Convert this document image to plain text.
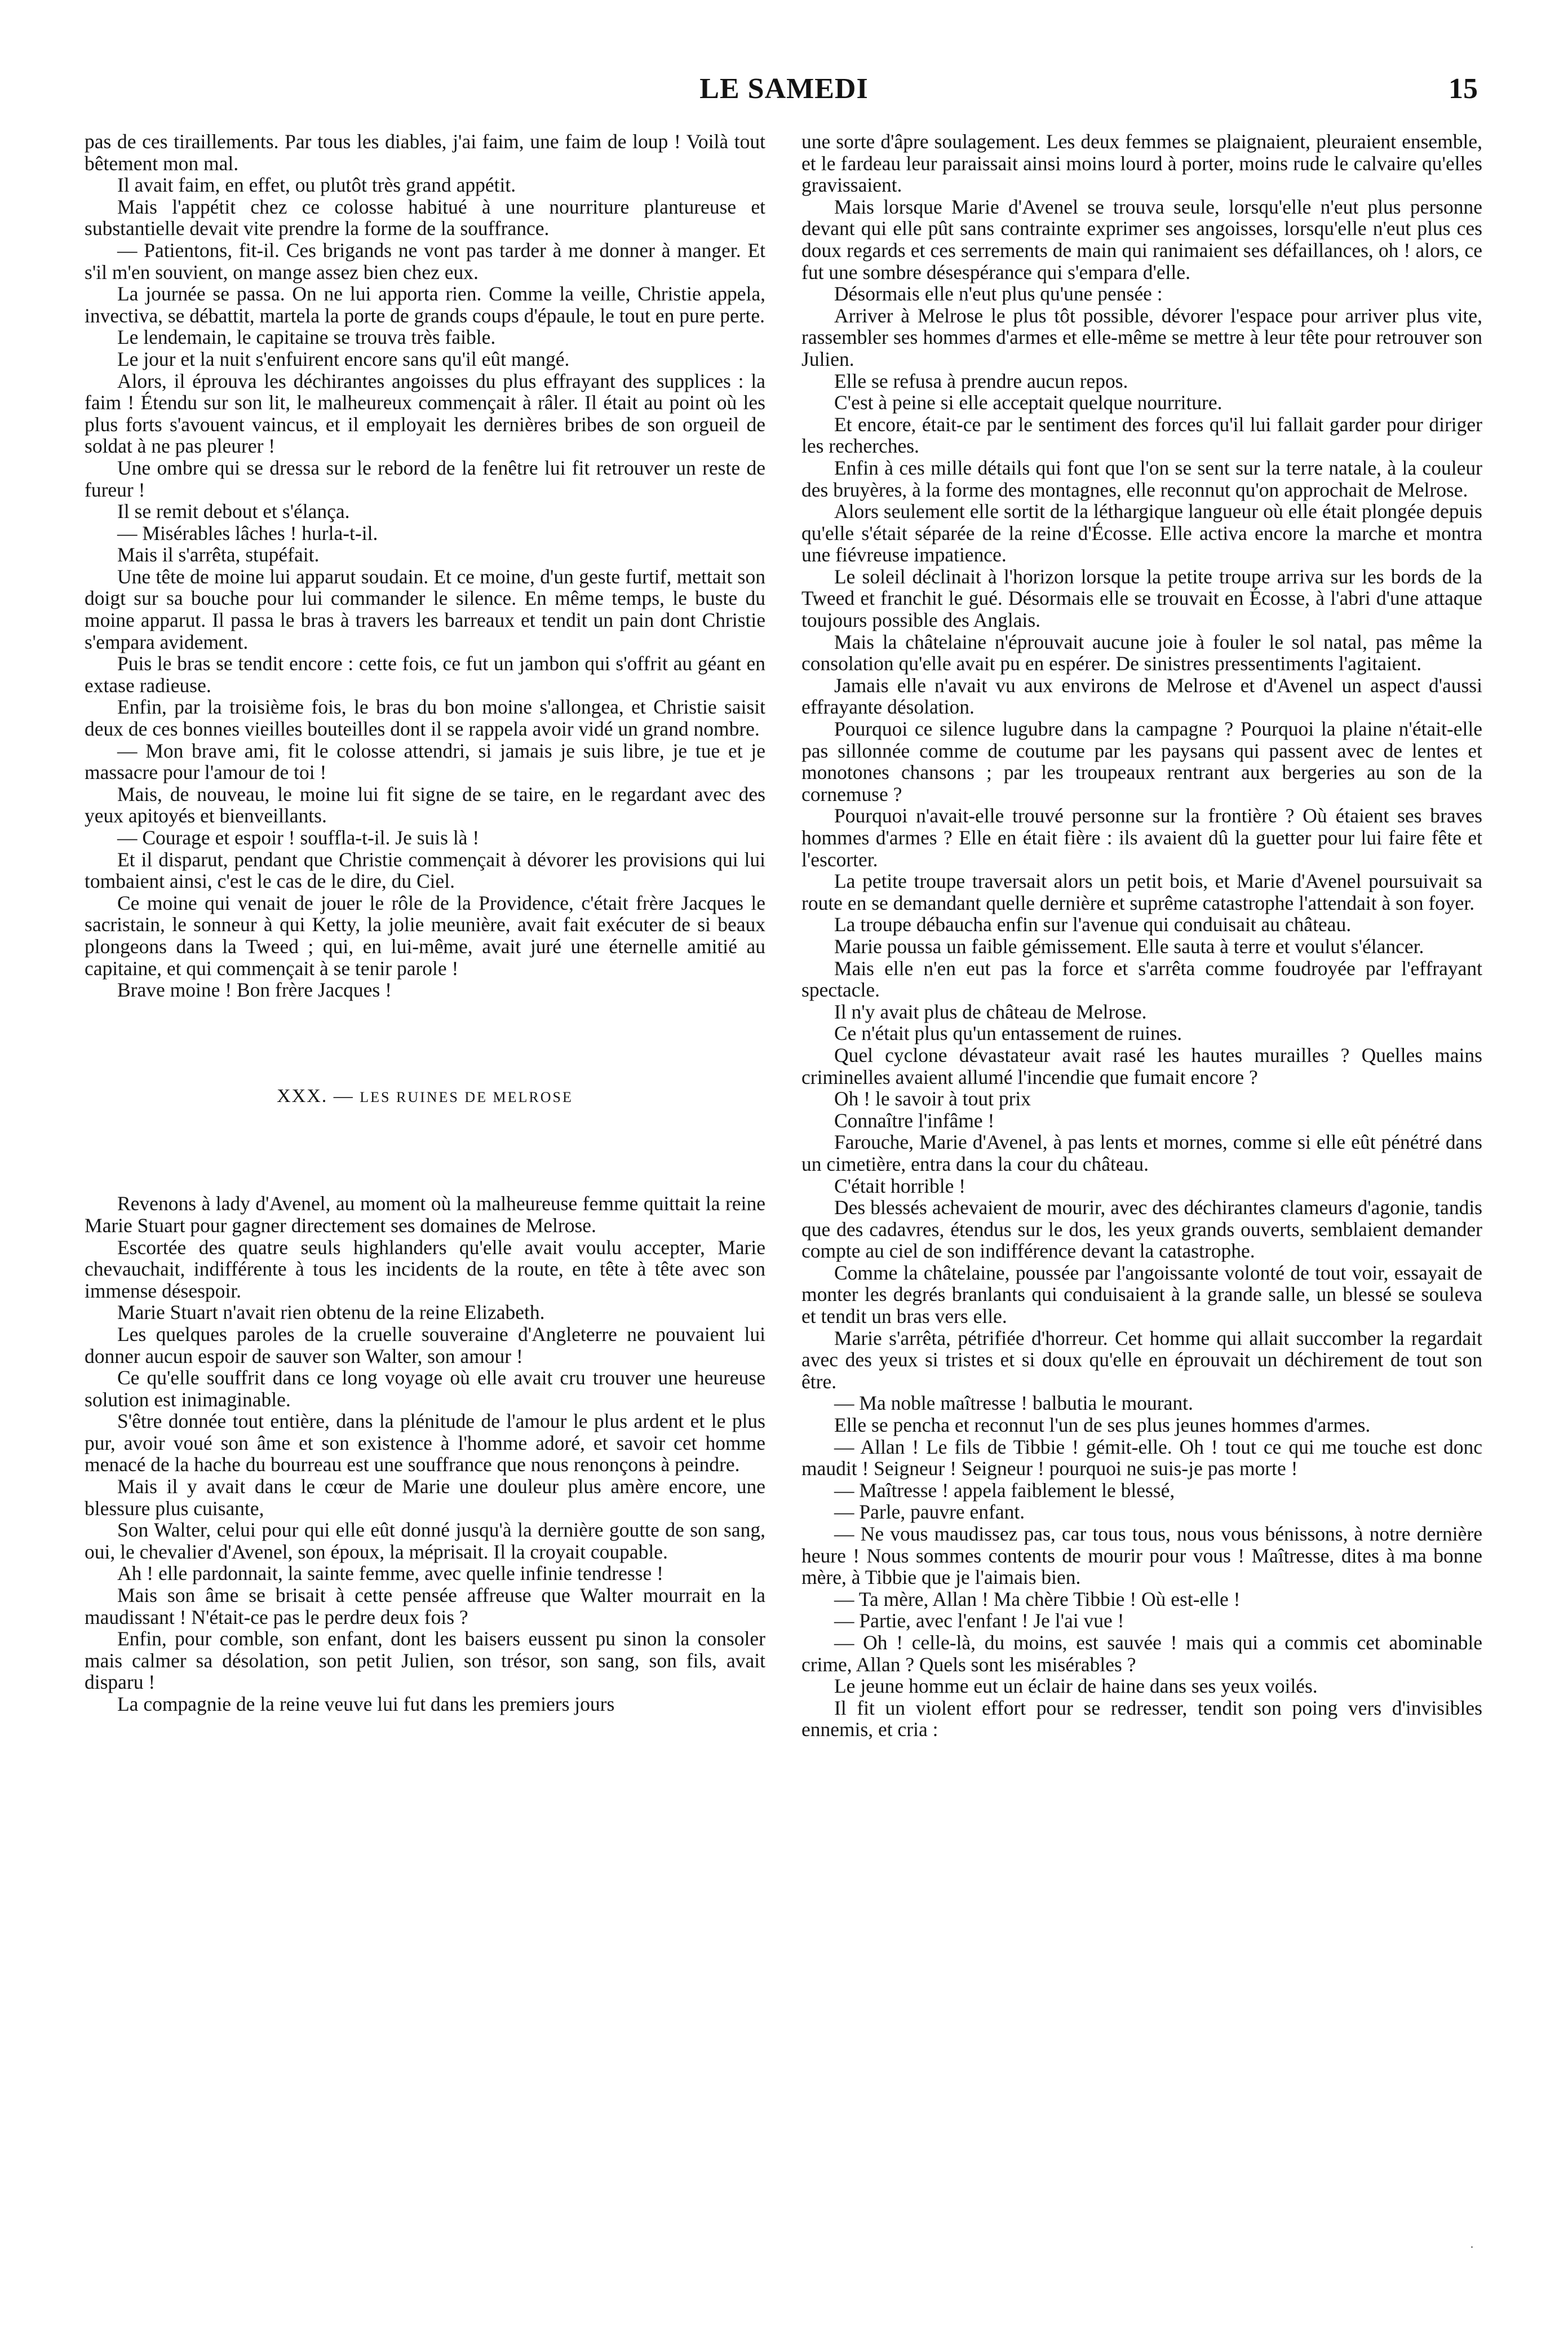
LE SAMEDI	15

pas de ces tiraillements. Par tous les diables, j'ai faim, une faim de loup ! Voilà tout bêtement mon mal.

Il avait faim, en effet, ou plutôt très grand appétit.

Mais l'appétit chez ce colosse habitué à une nourriture plantureuse et substantielle devait vite prendre la forme de la souffrance.

— Patientons, fit-il. Ces brigands ne vont pas tarder à me donner à manger. Et s'il m'en souvient, on mange assez bien chez eux.

La journée se passa. On ne lui apporta rien. Comme la veille, Christie appela, invectiva, se débattit, martela la porte de grands coups d'épaule, le tout en pure perte.

Le lendemain, le capitaine se trouva très faible.

Le jour et la nuit s'enfuirent encore sans qu'il eût mangé.

Alors, il éprouva les déchirantes angoisses du plus effrayant des supplices : la faim ! Étendu sur son lit, le malheureux commençait à râler. Il était au point où les plus forts s'avouent vaincus, et il employait les dernières bribes de son orgueil de soldat à ne pas pleurer !

Une ombre qui se dressa sur le rebord de la fenêtre lui fit retrouver un reste de fureur !

Il se remit debout et s'élança.

— Misérables lâches ! hurla-t-il.

Mais il s'arrêta, stupéfait.

Une tête de moine lui apparut soudain. Et ce moine, d'un geste furtif, mettait son doigt sur sa bouche pour lui commander le silence. En même temps, le buste du moine apparut. Il passa le bras à travers les barreaux et tendit un pain dont Christie s'empara avidement.

Puis le bras se tendit encore : cette fois, ce fut un jambon qui s'offrit au géant en extase radieuse.

Enfin, par la troisième fois, le bras du bon moine s'allongea, et Christie saisit deux de ces bonnes vieilles bouteilles dont il se rappela avoir vidé un grand nombre.

— Mon brave ami, fit le colosse attendri, si jamais je suis libre, je tue et je massacre pour l'amour de toi !

Mais, de nouveau, le moine lui fit signe de se taire, en le regardant avec des yeux apitoyés et bienveillants.

— Courage et espoir ! souffla-t-il. Je suis là !

Et il disparut, pendant que Christie commençait à dévorer les provisions qui lui tombaient ainsi, c'est le cas de le dire, du Ciel.

Ce moine qui venait de jouer le rôle de la Providence, c'était frère Jacques le sacristain, le sonneur à qui Ketty, la jolie meunière, avait fait exécuter de si beaux plongeons dans la Tweed ; qui, en lui-même, avait juré une éternelle amitié au capitaine, et qui commençait à se tenir parole !

Brave moine ! Bon frère Jacques !

XXX. — LES RUINES DE MELROSE

Revenons à lady d'Avenel, au moment où la malheureuse femme quittait la reine Marie Stuart pour gagner directement ses domaines de Melrose.

Escortée des quatre seuls highlanders qu'elle avait voulu accepter, Marie chevauchait, indifférente à tous les incidents de la route, en tête à tête avec son immense désespoir.

Marie Stuart n'avait rien obtenu de la reine Elizabeth.

Les quelques paroles de la cruelle souveraine d'Angleterre ne pouvaient lui donner aucun espoir de sauver son Walter, son amour !

Ce qu'elle souffrit dans ce long voyage où elle avait cru trouver une heureuse solution est inimaginable.

S'être donnée tout entière, dans la plénitude de l'amour le plus ardent et le plus pur, avoir voué son âme et son existence à l'homme adoré, et savoir cet homme menacé de la hache du bourreau est une souffrance que nous renonçons à peindre.

Mais il y avait dans le cœur de Marie une douleur plus amère encore, une blessure plus cuisante,

Son Walter, celui pour qui elle eût donné jusqu'à la dernière goutte de son sang, oui, le chevalier d'Avenel, son époux, la méprisait. Il la croyait coupable.

Ah ! elle pardonnait, la sainte femme, avec quelle infinie tendresse !

Mais son âme se brisait à cette pensée affreuse que Walter mourrait en la maudissant ! N'était-ce pas le perdre deux fois ?

Enfin, pour comble, son enfant, dont les baisers eussent pu sinon la consoler mais calmer sa désolation, son petit Julien, son trésor, son sang, son fils, avait disparu !

La compagnie de la reine veuve lui fut dans les premiers jours

une sorte d'âpre soulagement. Les deux femmes se plaignaient, pleuraient ensemble, et le fardeau leur paraissait ainsi moins lourd à porter, moins rude le calvaire qu'elles gravissaient.

Mais lorsque Marie d'Avenel se trouva seule, lorsqu'elle n'eut plus personne devant qui elle pût sans contrainte exprimer ses angoisses, lorsqu'elle n'eut plus ces doux regards et ces serrements de main qui ranimaient ses défaillances, oh ! alors, ce fut une sombre désespérance qui s'empara d'elle.

Désormais elle n'eut plus qu'une pensée :

Arriver à Melrose le plus tôt possible, dévorer l'espace pour arriver plus vite, rassembler ses hommes d'armes et elle-même se mettre à leur tête pour retrouver son Julien.

Elle se refusa à prendre aucun repos.

C'est à peine si elle acceptait quelque nourriture.

Et encore, était-ce par le sentiment des forces qu'il lui fallait garder pour diriger les recherches.

Enfin à ces mille détails qui font que l'on se sent sur la terre natale, à la couleur des bruyères, à la forme des montagnes, elle reconnut qu'on approchait de Melrose.

Alors seulement elle sortit de la léthargique langueur où elle était plongée depuis qu'elle s'était séparée de la reine d'Écosse. Elle activa encore la marche et montra une fiévreuse impatience.

Le soleil déclinait à l'horizon lorsque la petite troupe arriva sur les bords de la Tweed et franchit le gué. Désormais elle se trouvait en Écosse, à l'abri d'une attaque toujours possible des Anglais.

Mais la châtelaine n'éprouvait aucune joie à fouler le sol natal, pas même la consolation qu'elle avait pu en espérer. De sinistres pressentiments l'agitaient.

Jamais elle n'avait vu aux environs de Melrose et d'Avenel un aspect d'aussi effrayante désolation.

Pourquoi ce silence lugubre dans la campagne ? Pourquoi la plaine n'était-elle pas sillonnée comme de coutume par les paysans qui passent avec de lentes et monotones chansons ; par les troupeaux rentrant aux bergeries au son de la cornemuse ?

Pourquoi n'avait-elle trouvé personne sur la frontière ? Où étaient ses braves hommes d'armes ? Elle en était fière : ils avaient dû la guetter pour lui faire fête et l'escorter.

La petite troupe traversait alors un petit bois, et Marie d'Avenel poursuivait sa route en se demandant quelle dernière et suprême catastrophe l'attendait à son foyer.

La troupe débaucha enfin sur l'avenue qui conduisait au château.

Marie poussa un faible gémissement. Elle sauta à terre et voulut s'élancer.

Mais elle n'en eut pas la force et s'arrêta comme foudroyée par l'effrayant spectacle.

Il n'y avait plus de château de Melrose.

Ce n'était plus qu'un entassement de ruines.

Quel cyclone dévastateur avait rasé les hautes murailles ? Quelles mains criminelles avaient allumé l'incendie que fumait encore ?

Oh ! le savoir à tout prix

Connaître l'infâme !

Farouche, Marie d'Avenel, à pas lents et mornes, comme si elle eût pénétré dans un cimetière, entra dans la cour du château.

C'était horrible !

Des blessés achevaient de mourir, avec des déchirantes clameurs d'agonie, tandis que des cadavres, étendus sur le dos, les yeux grands ouverts, semblaient demander compte au ciel de son indifférence devant la catastrophe.

Comme la châtelaine, poussée par l'angoissante volonté de tout voir, essayait de monter les degrés branlants qui conduisaient à la grande salle, un blessé se souleva et tendit un bras vers elle.

Marie s'arrêta, pétrifiée d'horreur. Cet homme qui allait succomber la regardait avec des yeux si tristes et si doux qu'elle en éprouvait un déchirement de tout son être.

— Ma noble maîtresse ! balbutia le mourant.

Elle se pencha et reconnut l'un de ses plus jeunes hommes d'armes.

— Allan ! Le fils de Tibbie ! gémit-elle. Oh ! tout ce qui me touche est donc maudit ! Seigneur ! Seigneur ! pourquoi ne suis-je pas morte !

— Maîtresse ! appela faiblement le blessé,

— Parle, pauvre enfant.

— Ne vous maudissez pas, car tous tous, nous vous bénissons, à notre dernière heure ! Nous sommes contents de mourir pour vous ! Maîtresse, dites à ma bonne mère, à Tibbie que je l'aimais bien.

— Ta mère, Allan ! Ma chère Tibbie ! Où est-elle !

— Partie, avec l'enfant ! Je l'ai vue !

— Oh ! celle-là, du moins, est sauvée ! mais qui a commis cet abominable crime, Allan ? Quels sont les misérables ?

Le jeune homme eut un éclair de haine dans ses yeux voilés.

Il fit un violent effort pour se redresser, tendit son poing vers d'invisibles ennemis, et cria :
